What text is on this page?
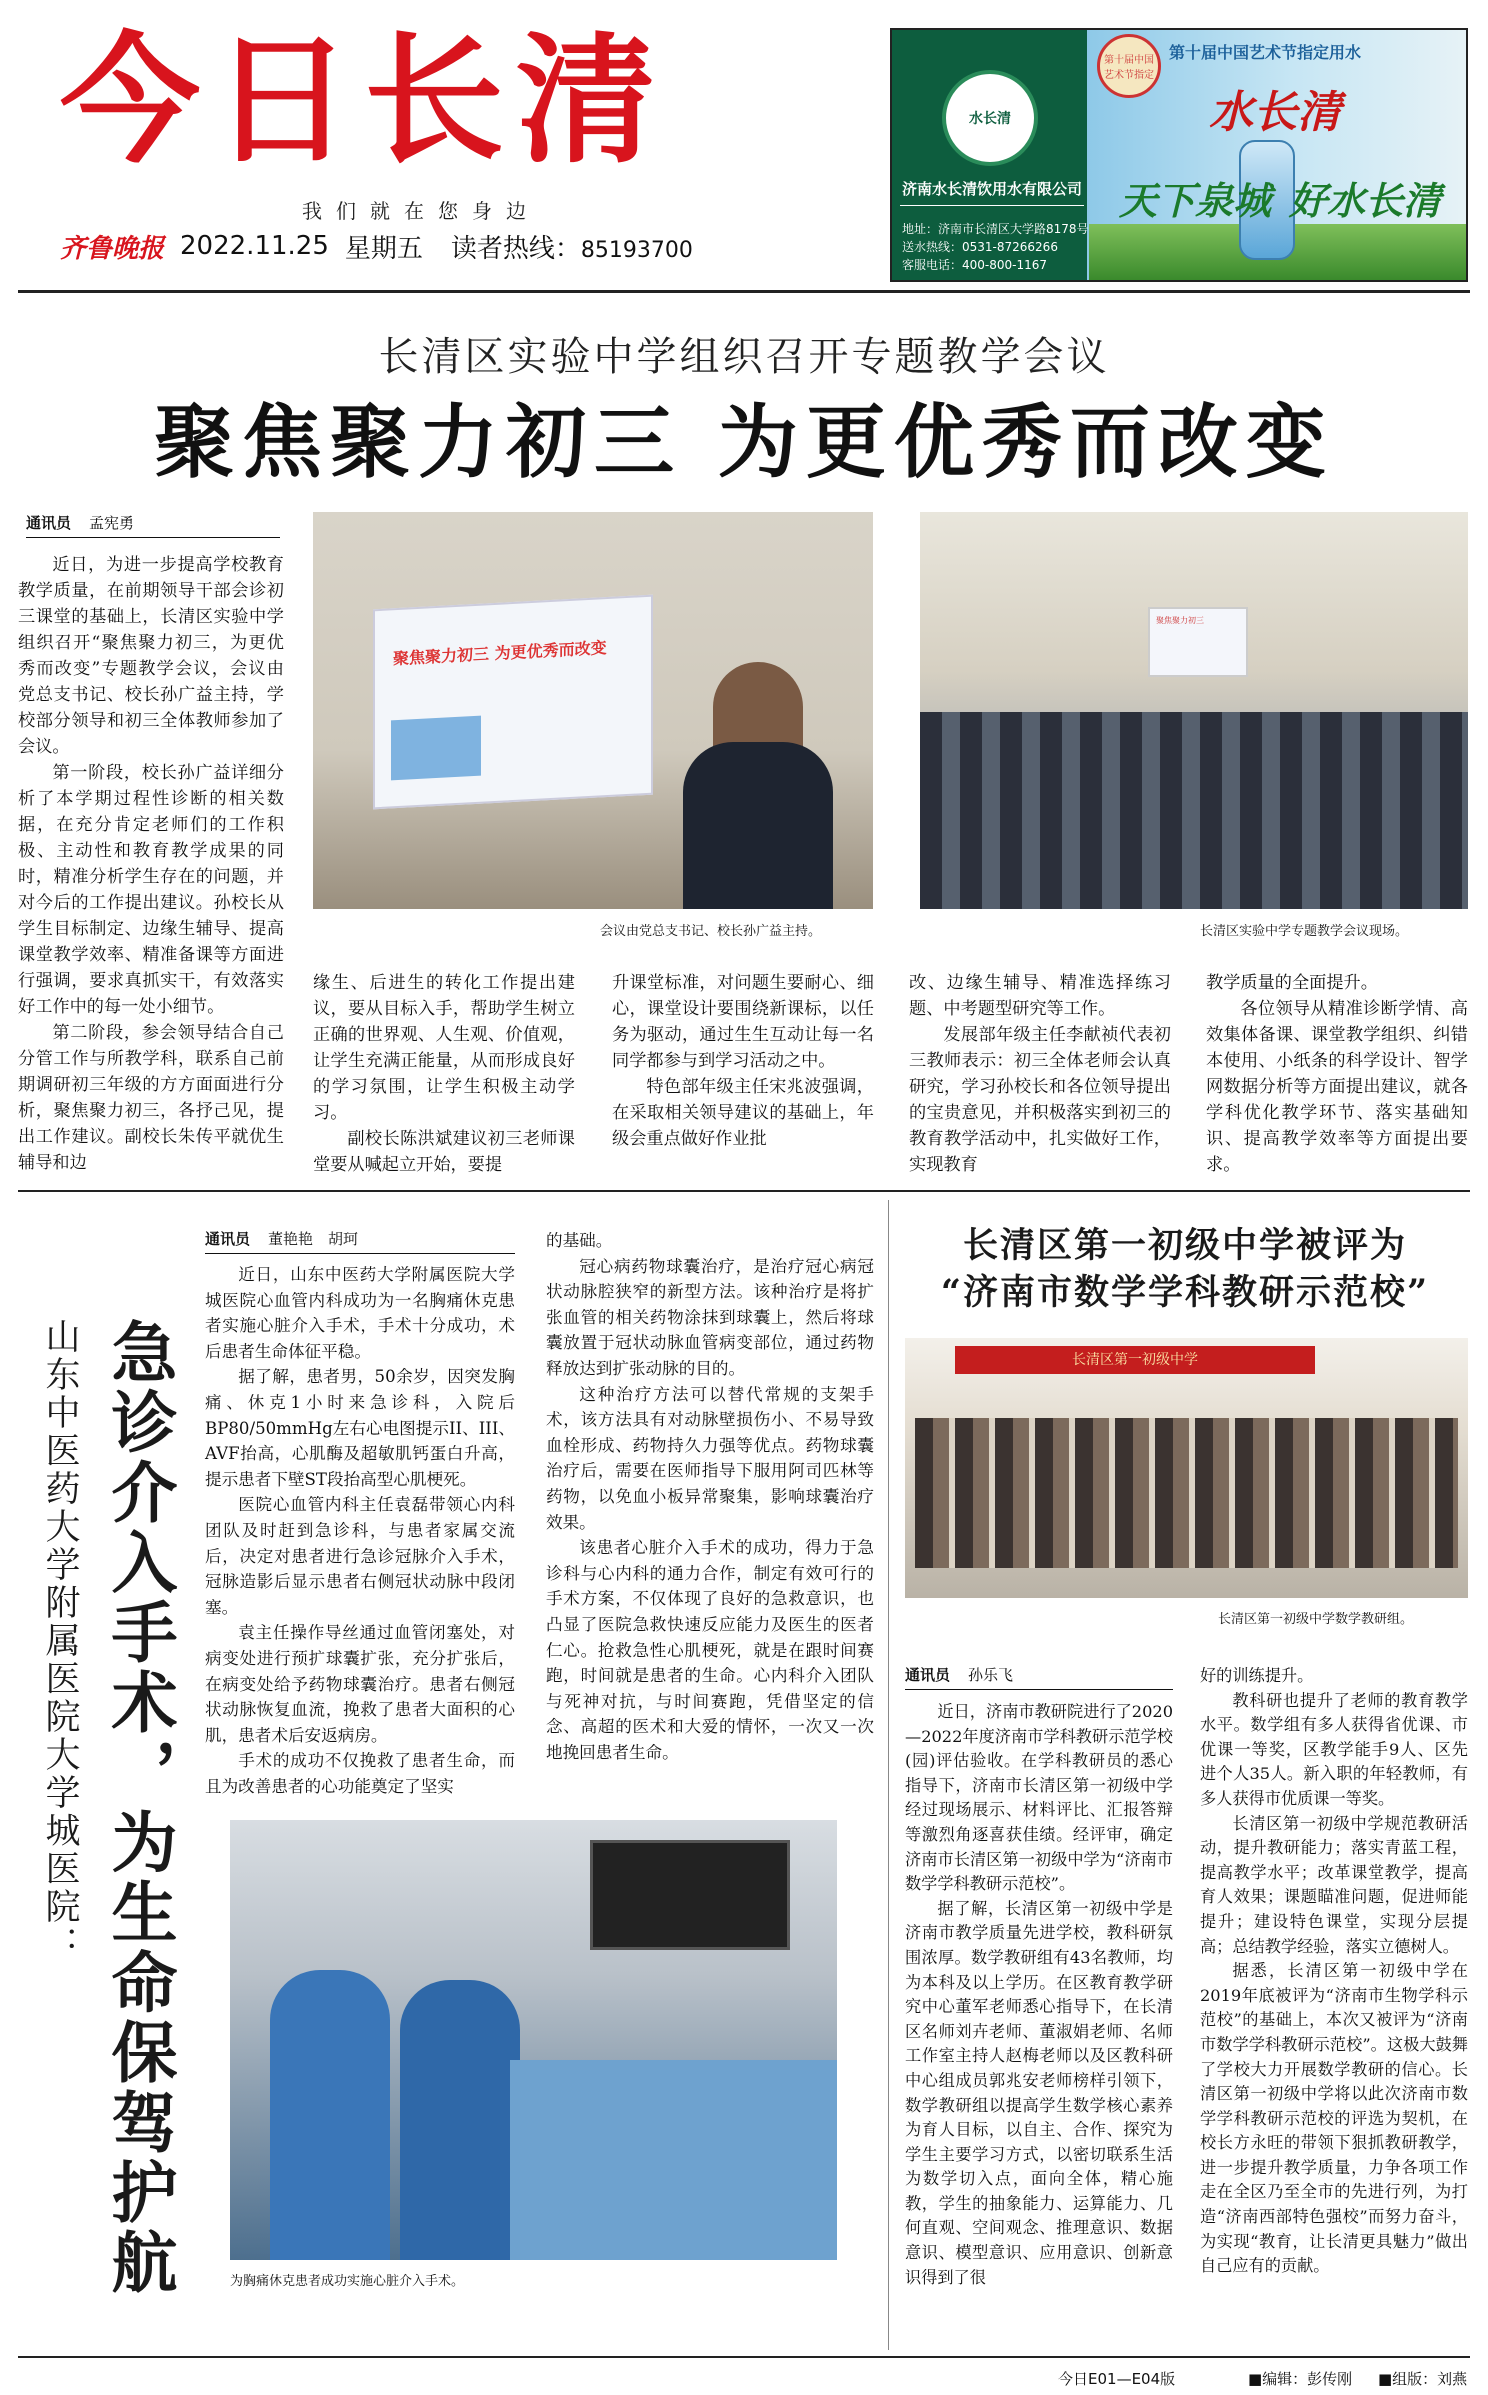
今日长清
我们就在您身边
齐鲁晚报 2022.11.25 星期五 读者热线：85193700
水长清
济南水长清饮用水有限公司
地址：济南市长清区大学路8178号
送水热线：0531-87266266
客服电话：400-800-1167
第十届中国艺术节指定
第十届中国艺术节指定用水
水长清
天下泉城 好水长清
长清区实验中学组织召开专题教学会议
聚焦聚力初三 为更优秀而改变
通讯员 孟宪勇

近日，为进一步提高学校教育教学质量，在前期领导干部会诊初三课堂的基础上，长清区实验中学组织召开“聚焦聚力初三，为更优秀而改变”专题教学会议，会议由党总支书记、校长孙广益主持，学校部分领导和初三全体教师参加了会议。

第一阶段，校长孙广益详细分析了本学期过程性诊断的相关数据，在充分肯定老师们的工作积极、主动性和教育教学成果的同时，精准分析学生存在的问题，并对今后的工作提出建议。孙校长从学生目标制定、边缘生辅导、提高课堂教学效率、精准备课等方面进行强调，要求真抓实干，有效落实好工作中的每一处小细节。

第二阶段，参会领导结合自己分管工作与所教学科，联系自己前期调研初三年级的方方面面进行分析，聚焦聚力初三，各抒己见，提出工作建议。副校长朱传平就优生辅导和边

聚焦聚力初三 为更优秀而改变
会议由党总支书记、校长孙广益主持。
聚焦聚力初三
长清区实验中学专题教学会议现场。

缘生、后进生的转化工作提出建议，要从目标入手，帮助学生树立正确的世界观、人生观、价值观，让学生充满正能量，从而形成良好的学习氛围，让学生积极主动学习。

副校长陈洪斌建议初三老师课堂要从喊起立开始，要提

升课堂标准，对问题生要耐心、细心，课堂设计要围绕新课标，以任务为驱动，通过生生互动让每一名同学都参与到学习活动之中。

特色部年级主任宋兆波强调，在采取相关领导建议的基础上，年级会重点做好作业批

改、边缘生辅导、精准选择练习题、中考题型研究等工作。

发展部年级主任李献祯代表初三教师表示：初三全体老师会认真研究，学习孙校长和各位领导提出的宝贵意见，并积极落实到初三的教育教学活动中，扎实做好工作，实现教育

教学质量的全面提升。

各位领导从精准诊断学情、高效集体备课、课堂教学组织、纠错本使用、小纸条的科学设计、智学网数据分析等方面提出建议，就各学科优化教学环节、落实基础知识、提高教学效率等方面提出要求。

急诊介入手术，为生命保驾护航
山东中医药大学附属医院大学城医院：
通讯员 董艳艳　胡珂

近日，山东中医药大学附属医院大学城医院心血管内科成功为一名胸痛休克患者实施心脏介入手术，手术十分成功，术后患者生命体征平稳。

据了解，患者男，50余岁，因突发胸痛、休克1小时来急诊科，入院后BP80/50mmHg左右心电图提示II、III、AVF抬高，心肌酶及超敏肌钙蛋白升高，提示患者下壁ST段抬高型心肌梗死。

医院心血管内科主任袁磊带领心内科团队及时赶到急诊科，与患者家属交流后，决定对患者进行急诊冠脉介入手术，冠脉造影后显示患者右侧冠状动脉中段闭塞。

袁主任操作导丝通过血管闭塞处，对病变处进行预扩球囊扩张，充分扩张后，在病变处给予药物球囊治疗。患者右侧冠状动脉恢复血流，挽救了患者大面积的心肌，患者术后安返病房。

手术的成功不仅挽救了患者生命，而且为改善患者的心功能奠定了坚实

的基础。

冠心病药物球囊治疗，是治疗冠心病冠状动脉腔狭窄的新型方法。该种治疗是将扩张血管的相关药物涂抹到球囊上，然后将球囊放置于冠状动脉血管病变部位，通过药物释放达到扩张动脉的目的。

这种治疗方法可以替代常规的支架手术，该方法具有对动脉壁损伤小、不易导致血栓形成、药物持久力强等优点。药物球囊治疗后，需要在医师指导下服用阿司匹林等药物，以免血小板异常聚集，影响球囊治疗效果。

该患者心脏介入手术的成功，得力于急诊科与心内科的通力合作，制定有效可行的手术方案，不仅体现了良好的急救意识，也凸显了医院急救快速反应能力及医生的医者仁心。抢救急性心肌梗死，就是在跟时间赛跑，时间就是患者的生命。心内科介入团队与死神对抗，与时间赛跑，凭借坚定的信念、高超的医术和大爱的情怀，一次又一次地挽回患者生命。

为胸痛休克患者成功实施心脏介入手术。
长清区第一初级中学被评为
“济南市数学学科教研示范校”
长清区第一初级中学
长清区第一初级中学数学教研组。
通讯员 孙乐飞

近日，济南市教研院进行了2020—2022年度济南市学科教研示范学校(园)评估验收。在学科教研员的悉心指导下，济南市长清区第一初级中学经过现场展示、材料评比、汇报答辩等激烈角逐喜获佳绩。经评审，确定济南市长清区第一初级中学为“济南市数学学科教研示范校”。

据了解，长清区第一初级中学是济南市教学质量先进学校，教科研氛围浓厚。数学教研组有43名教师，均为本科及以上学历。在区教育教学研究中心董军老师悉心指导下，在长清区名师刘卉老师、董淑娟老师、名师工作室主持人赵梅老师以及区教科研中心组成员郭兆安老师榜样引领下，数学教研组以提高学生数学核心素养为育人目标，以自主、合作、探究为学生主要学习方式，以密切联系生活为数学切入点，面向全体，精心施教，学生的抽象能力、运算能力、几何直观、空间观念、推理意识、数据意识、模型意识、应用意识、创新意识得到了很

好的训练提升。

教科研也提升了老师的教育教学水平。数学组有多人获得省优课、市优课一等奖，区教学能手9人、区先进个人35人。新入职的年轻教师，有多人获得市优质课一等奖。

长清区第一初级中学规范教研活动，提升教研能力；落实青蓝工程，提高教学水平；改革课堂教学，提高育人效果；课题瞄准问题，促进师能提升；建设特色课堂，实现分层提高；总结教学经验，落实立德树人。

据悉，长清区第一初级中学在2019年底被评为“济南市生物学科示范校”的基础上，本次又被评为“济南市数学学科教研示范校”。这极大鼓舞了学校大力开展数学教研的信心。长清区第一初级中学将以此次济南市数学学科教研示范校的评选为契机，在校长方永旺的带领下狠抓教研教学，进一步提升教学质量，力争各项工作走在全区乃至全市的先进行列，为打造“济南西部特色强校”而努力奋斗，为实现“教育，让长清更具魅力”做出自己应有的贡献。

今日E01—E04版	■编辑：彭传刚 ■组版：刘燕
